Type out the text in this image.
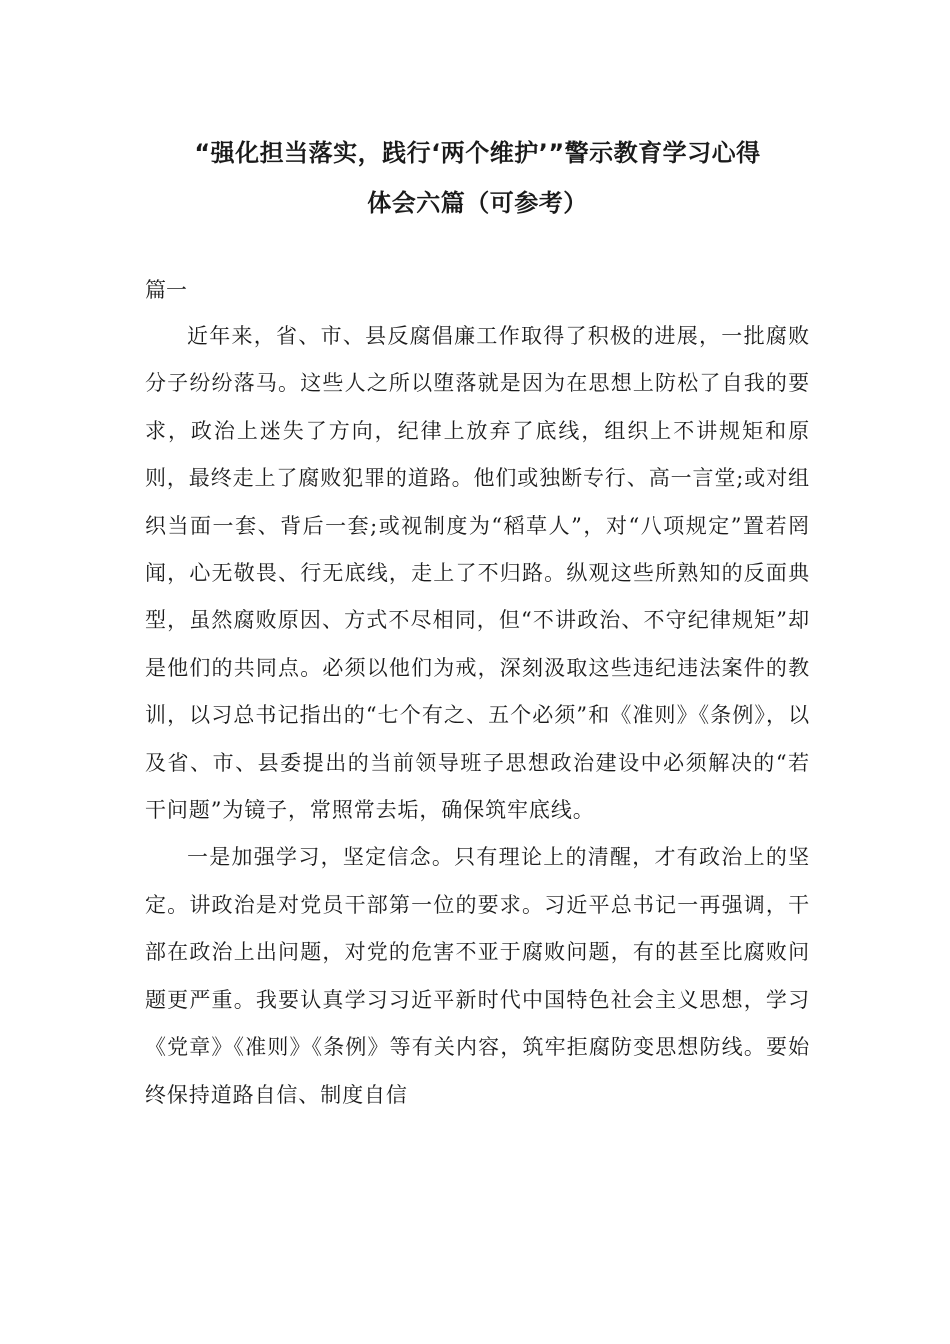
“强化担当落实，践行‘两个维护’”警示教育学习心得
体会六篇（可参考）
篇一

近年来，省、市、县反腐倡廉工作取得了积极的进展，一批腐败分子纷纷落马。这些人之所以堕落就是因为在思想上防松了自我的要求，政治上迷失了方向，纪律上放弃了底线，组织上不讲规矩和原则，最终走上了腐败犯罪的道路。他们或独断专行、高一言堂;或对组织当面一套、背后一套;或视制度为“稻草人”，对“八项规定”置若罔闻，心无敬畏、行无底线，走上了不归路。纵观这些所熟知的反面典型，虽然腐败原因、方式不尽相同，但“不讲政治、不守纪律规矩”却是他们的共同点。必须以他们为戒，深刻汲取这些违纪违法案件的教训，以习总书记指出的“七个有之、五个必须”和《准则》《条例》，以及省、市、县委提出的当前领导班子思想政治建设中必须解决的“若干问题”为镜子，常照常去垢，确保筑牢底线。

一是加强学习，坚定信念。只有理论上的清醒，才有政治上的坚定。讲政治是对党员干部第一位的要求。习近平总书记一再强调，干部在政治上出问题，对党的危害不亚于腐败问题，有的甚至比腐败问题更严重。我要认真学习习近平新时代中国特色社会主义思想，学习《党章》《准则》《条例》等有关内容，筑牢拒腐防变思想防线。要始终保持道路自信、制度自信
